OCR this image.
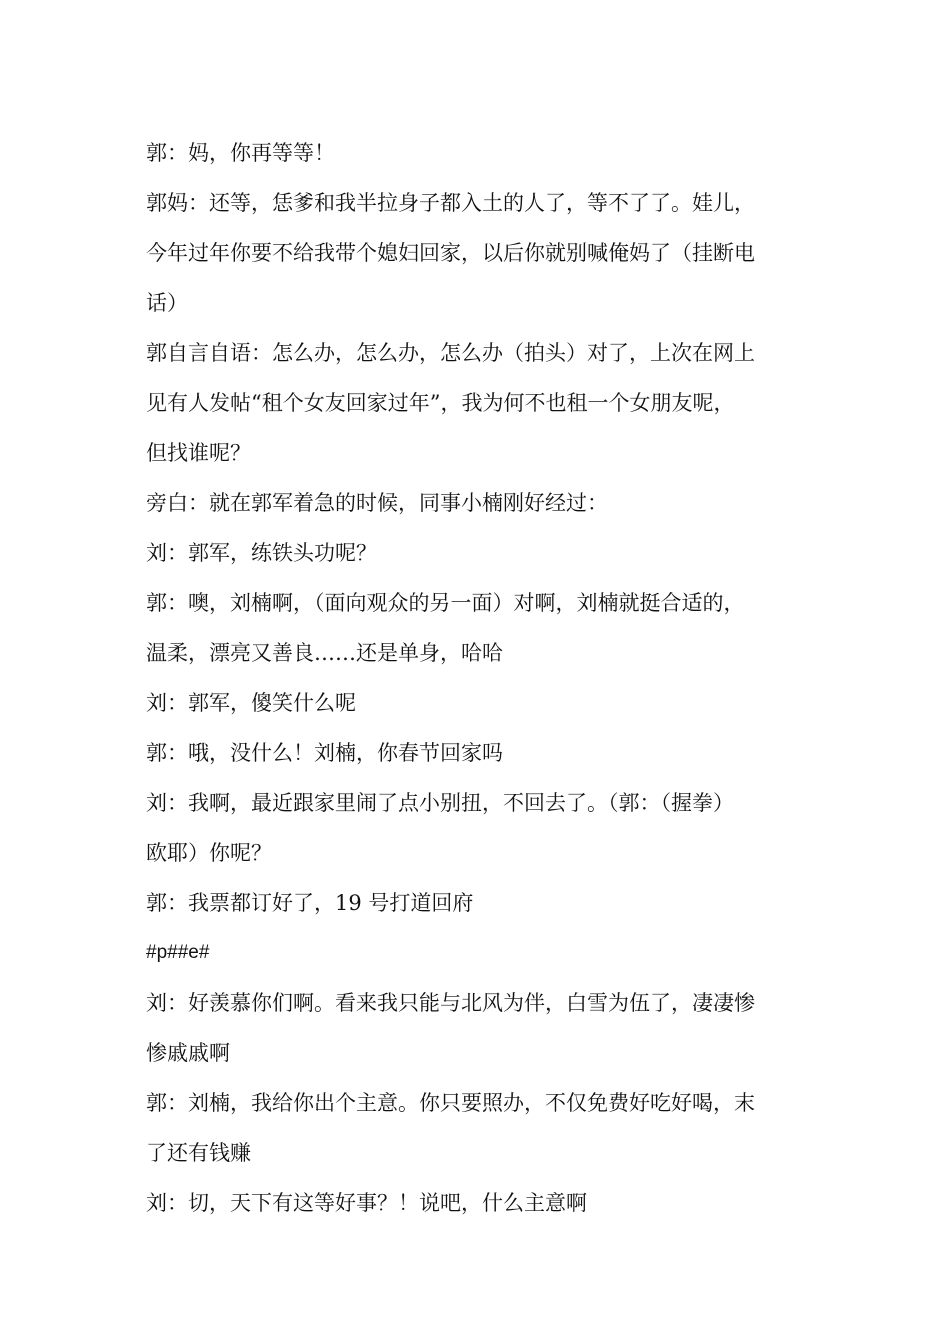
郭：妈，你再等等！

郭妈：还等，恁爹和我半拉身子都入土的人了，等不了了。娃儿，

今年过年你要不给我带个媳妇回家，以后你就别喊俺妈了（挂断电

话）

郭自言自语：怎么办，怎么办，怎么办（拍头）对了，上次在网上

见有人发帖“租个女友回家过年”，我为何不也租一个女朋友呢，

但找谁呢？

旁白：就在郭军着急的时候，同事小楠刚好经过：

刘：郭军，练铁头功呢？

郭：噢，刘楠啊，（面向观众的另一面）对啊，刘楠就挺合适的，

温柔，漂亮又善良……还是单身，哈哈

刘：郭军，傻笑什么呢

郭：哦，没什么！刘楠，你春节回家吗

刘：我啊，最近跟家里闹了点小别扭，不回去了。（郭：（握拳）

欧耶）你呢？

郭：我票都订好了，19 号打道回府

#p##e#

刘：好羡慕你们啊。看来我只能与北风为伴，白雪为伍了，凄凄惨

惨戚戚啊

郭：刘楠，我给你出个主意。你只要照办，不仅免费好吃好喝，末

了还有钱赚

刘：切，天下有这等好事？！说吧，什么主意啊
